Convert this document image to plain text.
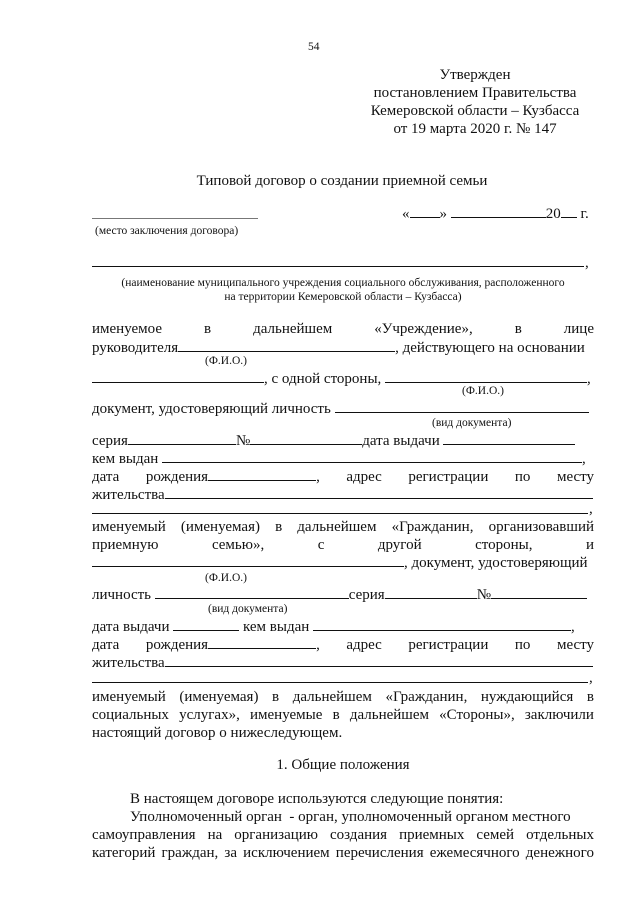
54
Утвержден
постановлением Правительства
Кемеровской области – Кузбасса
от 19 марта 2020 г. № 147
Типовой договор о создании приемной семьи
« »	20 г.
(место заключения договора)
,
(наименование муниципального учреждения социального обслуживания, расположенного
на территории Кемеровской области – Кузбасса)
именуемое	в	дальнейшем	«Учреждение»,	в	лице
руководителя	, действующего на основании
(Ф.И.О.)
, с одной стороны,	,
(Ф.И.О.)
документ, удостоверяющий личность
(вид документа)
серия	№	дата выдачи
кем выдан	,
дата рождения	, адрес регистрации по месту
жительства
,
именуемый (именуемая) в дальнейшем «Гражданин, организовавший
приемную	семью»,	с	другой	стороны,	и
, документ, удостоверяющий
(Ф.И.О.)
личность	серия	№
(вид документа)
дата выдачи	кем выдан	,
дата рождения	, адрес регистрации по месту
жительства
,
именуемый (именуемая) в дальнейшем «Гражданин, нуждающийся в
социальных услугах», именуемые в дальнейшем «Стороны», заключили
настоящий договор о нижеследующем.
1. Общие положения
В настоящем договоре используются следующие понятия:
Уполномоченный орган  - орган, уполномоченный органом местного
самоуправления на организацию создания приемных семей отдельных
категорий граждан, за исключением перечисления ежемесячного денежного
